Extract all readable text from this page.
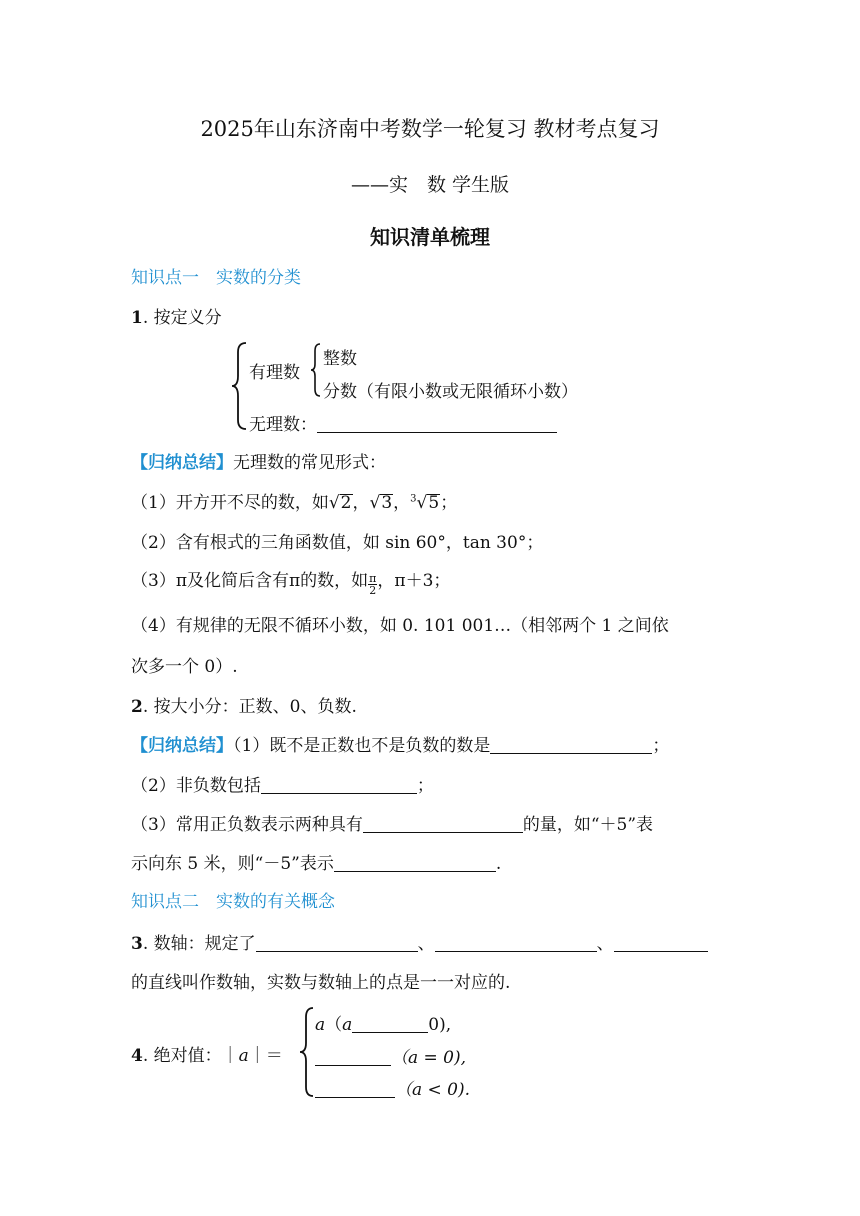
2025年山东济南中考数学一轮复习 教材考点复习
——实　数 学生版
知识清单梳理
知识点一　实数的分类
1. 按定义分
有理数
整数
分数（有限小数或无限循环小数）
无理数：
【归纳总结】无理数的常见形式：
（1）开方开不尽的数，如√2，√3，$^3$√5；
（2）含有根式的三角函数值，如 sin 60°，tan 30°；
（3）π及化简后含有π的数，如 $\frac{\pi}{2}$ ，π＋3；
（4）有规律的无限不循环小数，如 0. 101 001…（相邻两个 1 之间依
次多一个 0）.
2. 按大小分：正数、0、负数.
【归纳总结】（1）既不是正数也不是负数的数是	；
（2）非负数包括	；
（3）常用正负数表示两种具有	的量，如“＋5”表
示向东 5 米，则“－5”表示	.
知识点二　实数的有关概念
3. 数轴：规定了	、	、
的直线叫作数轴，实数与数轴上的点是一一对应的.
4. 绝对值：｜a｜＝
a（a	0),
（a = 0),
（a < 0).
